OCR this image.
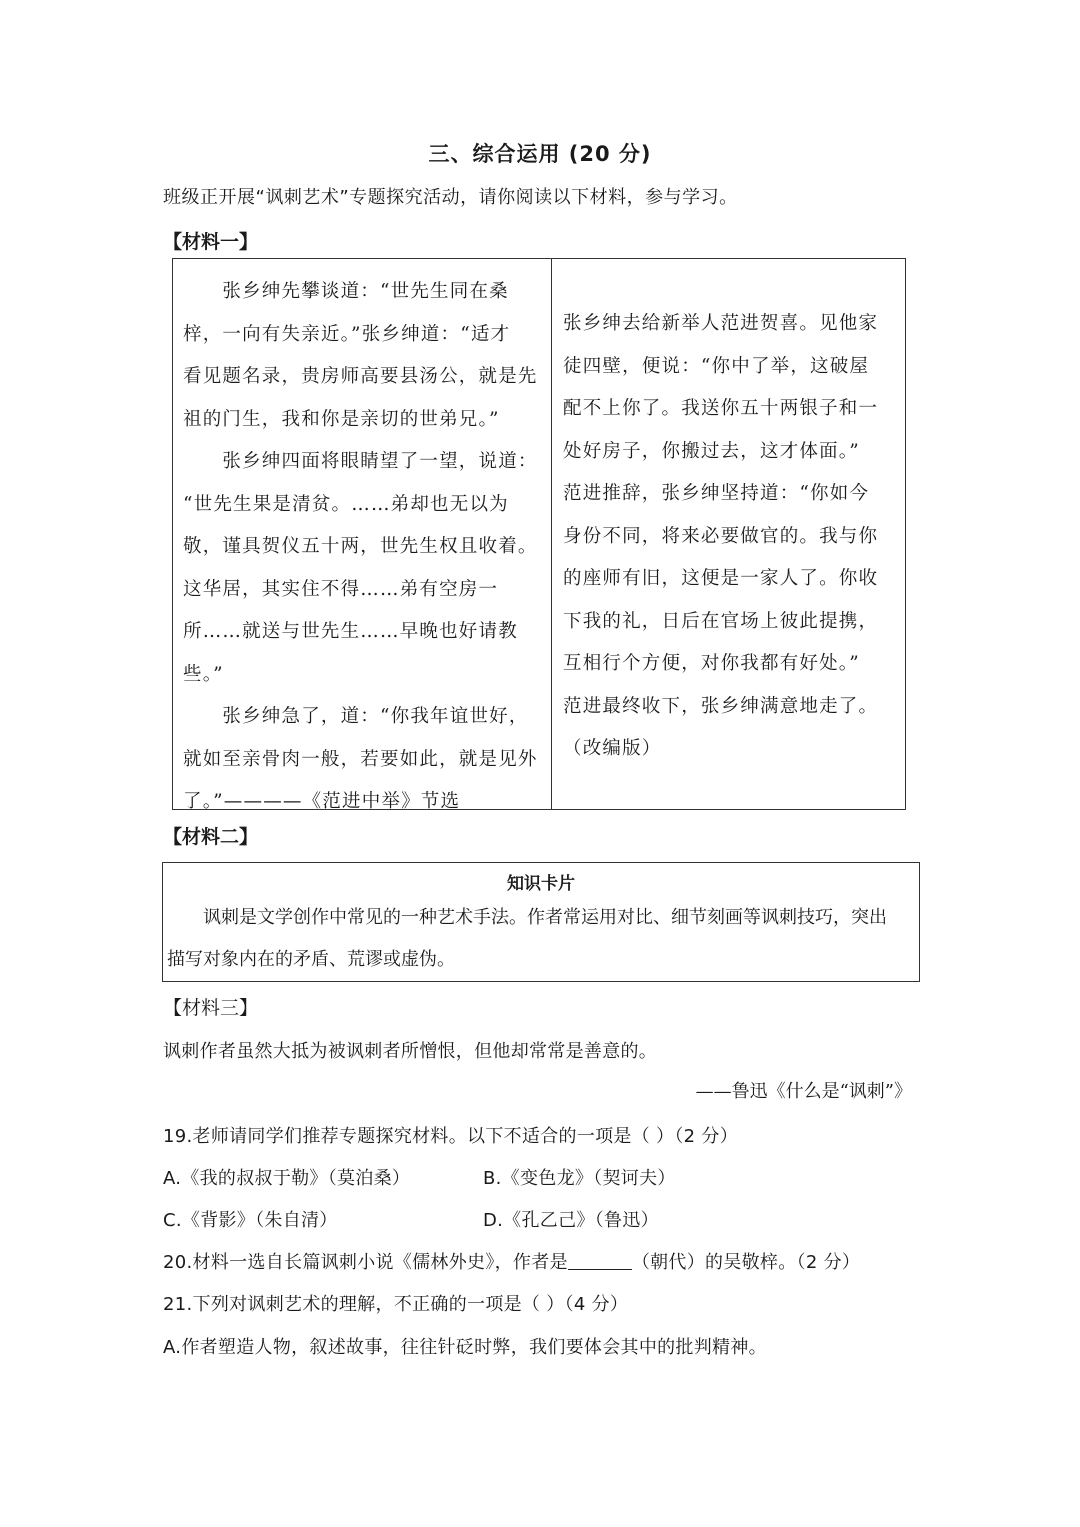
三、综合运用 (20 分)

班级正开展“讽刺艺术”专题探究活动，请你阅读以下材料，参与学习。

【材料一】

　　张乡绅先攀谈道：“世先生同在桑

梓，一向有失亲近。”张乡绅道：“适才

看见题名录，贵房师高要县汤公，就是先

祖的门生，我和你是亲切的世弟兄。”

　　张乡绅四面将眼睛望了一望，说道：

“世先生果是清贫。……弟却也无以为

敬，谨具贺仪五十两，世先生权且收着。

这华居，其实住不得……弟有空房一

所……就送与世先生……早晚也好请教

些。”

　　张乡绅急了，道：“你我年谊世好，

就如至亲骨肉一般，若要如此，就是见外

了。”————《范进中举》节选

张乡绅去给新举人范进贺喜。见他家

徒四壁，便说：“你中了举，这破屋

配不上你了。我送你五十两银子和一

处好房子，你搬过去，这才体面。”

范进推辞，张乡绅坚持道：“你如今

身份不同，将来必要做官的。我与你

的座师有旧，这便是一家人了。你收

下我的礼，日后在官场上彼此提携，

互相行个方便，对你我都有好处。”

范进最终收下，张乡绅满意地走了。

（改编版）

【材料二】
知识卡片

　　讽刺是文学创作中常见的一种艺术手法。作者常运用对比、细节刻画等讽刺技巧，突出

描写对象内在的矛盾、荒谬或虚伪。

【材料三】

讽刺作者虽然大抵为被讽刺者所憎恨，但他却常常是善意的。

——鲁迅《什么是“讽刺”》

19.老师请同学们推荐专题探究材料。以下不适合的一项是（ ）（2 分）

A.《我的叔叔于勒》（莫泊桑）	B.《变色龙》（契诃夫）

C.《背影》（朱自清）	D.《孔乙己》（鲁迅）

20.材料一选自长篇讽刺小说《儒林外史》，作者是	（朝代）的吴敬梓。（2 分）

21.下列对讽刺艺术的理解，不正确的一项是（ ）（4 分）

A.作者塑造人物，叙述故事，往往针砭时弊，我们要体会其中的批判精神。
